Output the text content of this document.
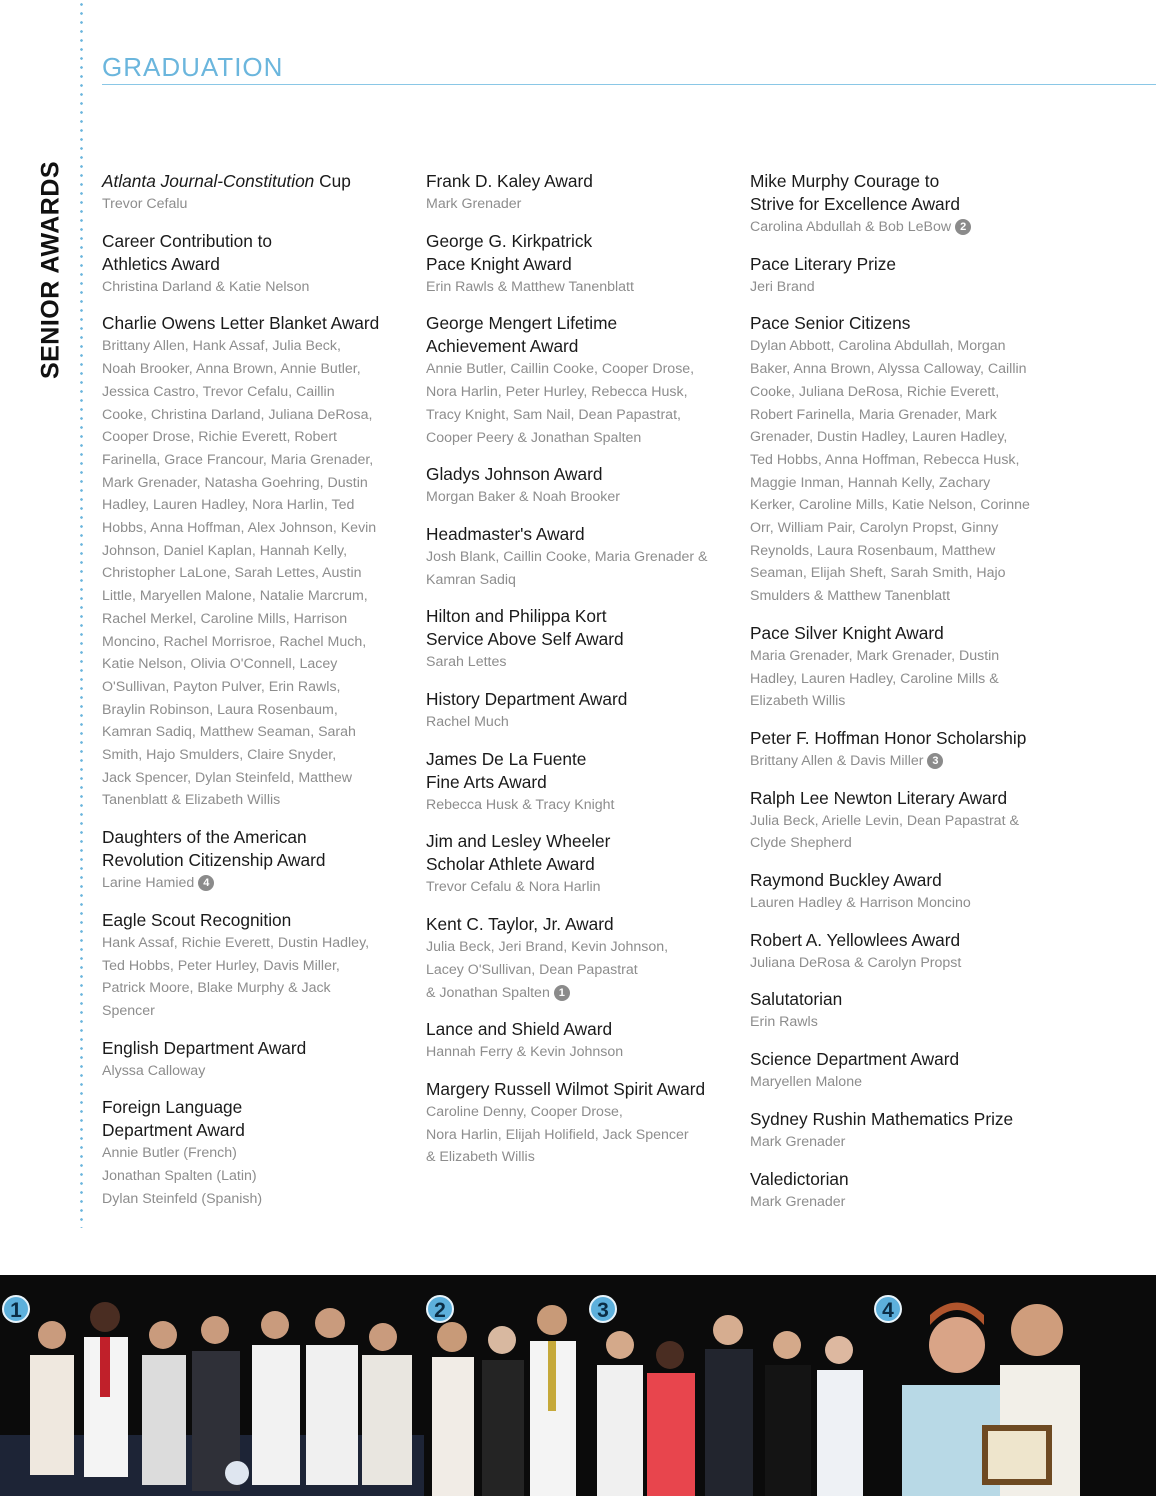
GRADUATION
SENIOR AWARDS Atlanta Journal-Constitution Cup
Trevor Cefalu
Career Contribution to
Athletics Award
Christina Darland & Katie Nelson
Charlie Owens Letter Blanket Award
Brittany Allen, Hank Assaf, Julia Beck,
Noah Brooker, Anna Brown, Annie Butler,
Jessica Castro, Trevor Cefalu, Caillin
Cooke, Christina Darland, Juliana DeRosa,
Cooper Drose, Richie Everett, Robert
Farinella, Grace Francour, Maria Grenader,
Mark Grenader, Natasha Goehring, Dustin
Hadley, Lauren Hadley, Nora Harlin, Ted
Hobbs, Anna Hoffman, Alex Johnson, Kevin
Johnson, Daniel Kaplan, Hannah Kelly,
Christopher LaLone, Sarah Lettes, Austin
Little, Maryellen Malone, Natalie Marcrum,
Rachel Merkel, Caroline Mills, Harrison
Moncino, Rachel Morrisroe, Rachel Much,
Katie Nelson, Olivia O'Connell, Lacey
O'Sullivan, Payton Pulver, Erin Rawls,
Braylin Robinson, Laura Rosenbaum,
Kamran Sadiq, Matthew Seaman, Sarah
Smith, Hajo Smulders, Claire Snyder,
Jack Spencer, Dylan Steinfeld, Matthew
Tanenblatt & Elizabeth Willis
Daughters of the American
Revolution Citizenship Award
Larine Hamied 4
Eagle Scout Recognition
Hank Assaf, Richie Everett, Dustin Hadley,
Ted Hobbs, Peter Hurley, Davis Miller,
Patrick Moore, Blake Murphy & Jack
Spencer
English Department Award
Alyssa Calloway
Foreign Language
Department Award
Annie Butler (French)
Jonathan Spalten (Latin)
Dylan Steinfeld (Spanish)
Frank D. Kaley Award
Mark Grenader
George G. Kirkpatrick
Pace Knight Award
Erin Rawls & Matthew Tanenblatt
George Mengert Lifetime
Achievement Award
Annie Butler, Caillin Cooke, Cooper Drose,
Nora Harlin, Peter Hurley, Rebecca Husk,
Tracy Knight, Sam Nail, Dean Papastrat,
Cooper Peery & Jonathan Spalten
Gladys Johnson Award
Morgan Baker & Noah Brooker
Headmaster's Award
Josh Blank, Caillin Cooke, Maria Grenader &
Kamran Sadiq
Hilton and Philippa Kort
Service Above Self Award
Sarah Lettes
History Department Award
Rachel Much
James De La Fuente
Fine Arts Award
Rebecca Husk & Tracy Knight
Jim and Lesley Wheeler
Scholar Athlete Award
Trevor Cefalu & Nora Harlin
Kent C. Taylor, Jr. Award
Julia Beck, Jeri Brand, Kevin Johnson,
Lacey O'Sullivan, Dean Papastrat
& Jonathan Spalten 1
Lance and Shield Award
Hannah Ferry & Kevin Johnson
Margery Russell Wilmot Spirit Award
Caroline Denny, Cooper Drose,
Nora Harlin, Elijah Holifield, Jack Spencer
& Elizabeth Willis
Mike Murphy Courage to
Strive for Excellence Award
Carolina Abdullah & Bob LeBow 2
Pace Literary Prize
Jeri Brand
Pace Senior Citizens
Dylan Abbott, Carolina Abdullah, Morgan
Baker, Anna Brown, Alyssa Calloway, Caillin
Cooke, Juliana DeRosa, Richie Everett,
Robert Farinella, Maria Grenader, Mark
Grenader, Dustin Hadley, Lauren Hadley,
Ted Hobbs, Anna Hoffman, Rebecca Husk,
Maggie Inman, Hannah Kelly, Zachary
Kerker, Caroline Mills, Katie Nelson, Corinne
Orr, William Pair, Carolyn Propst, Ginny
Reynolds, Laura Rosenbaum, Matthew
Seaman, Elijah Sheft, Sarah Smith, Hajo
Smulders & Matthew Tanenblatt
Pace Silver Knight Award
Maria Grenader, Mark Grenader, Dustin
Hadley, Lauren Hadley, Caroline Mills &
Elizabeth Willis
Peter F. Hoffman Honor Scholarship
Brittany Allen & Davis Miller 3
Ralph Lee Newton Literary Award
Julia Beck, Arielle Levin, Dean Papastrat &
Clyde Shepherd
Raymond Buckley Award
Lauren Hadley & Harrison Moncino
Robert A. Yellowlees Award
Juliana DeRosa & Carolyn Propst
Salutatorian
Erin Rawls
Science Department Award
Maryellen Malone
Sydney Rushin Mathematics Prize
Mark Grenader
Valedictorian
Mark Grenader
1	2	3	4
